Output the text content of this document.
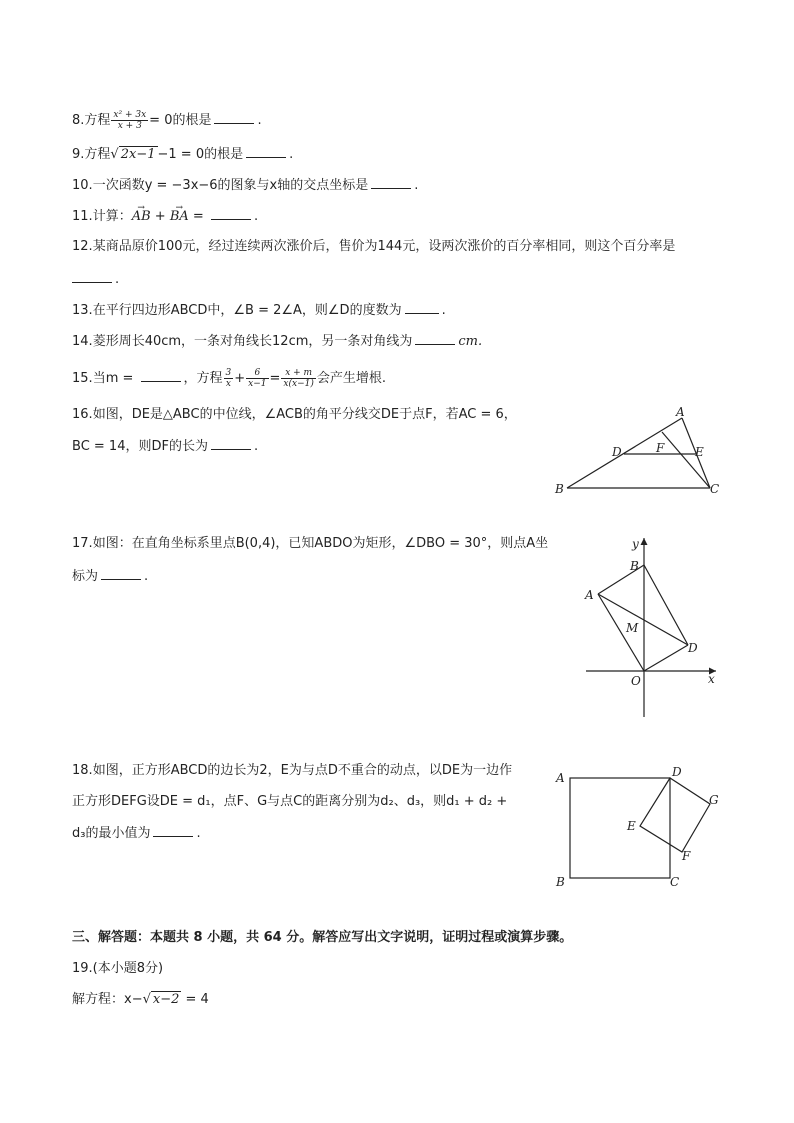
8.方程 $\frac{\text{x² + 3x}}{x + 3} = 0$的根是	.
9.方程√ 2x−1 −1 = 0的根是	.
10.一次函数y = −3x−6的图象与x轴的交点坐标是	.
11.计算：→ AB + → BA =	.
12.某商品原价100元，经过连续两次涨价后，售价为144元，设两次涨价的百分率相同，则这个百分率是
.
13.在平行四边形ABCD中，∠B = 2∠A，则∠D的度数为	.
14.菱形周长40cm，一条对角线长12cm，另一条对角线为	cm.
15.当m =	，方程 $\frac{3}{x} + \frac{6}{x-1} = \frac{x + m}{x(x-1)}$ 会产生增根.
16.如图，DE是△ABC的中位线，∠ACB的角平分线交DE于点F，若AC = 6，
BC = 14，则DF的长为	.
A
B	C
D	E
F
17.如图：在直角坐标系里点B(0,4)，已知ABDO为矩形，∠DBO = 30°，则点A坐
标为	.
y
x
O
A
B
D
M
18.如图，正方形ABCD的边长为2，E为与点D不重合的动点，以DE为一边作
正方形DEFG设DE = d₁，点F、G与点C的距离分别为d₂、d₃，则d₁ + d₂ +
d₃的最小值为	.
A	D
B	C
E
F
G
三、解答题：本题共 8 小题，共 64 分。解答应写出文字说明，证明过程或演算步骤。
19.(本小题8分)
解方程：x−√ x−2 = 4
